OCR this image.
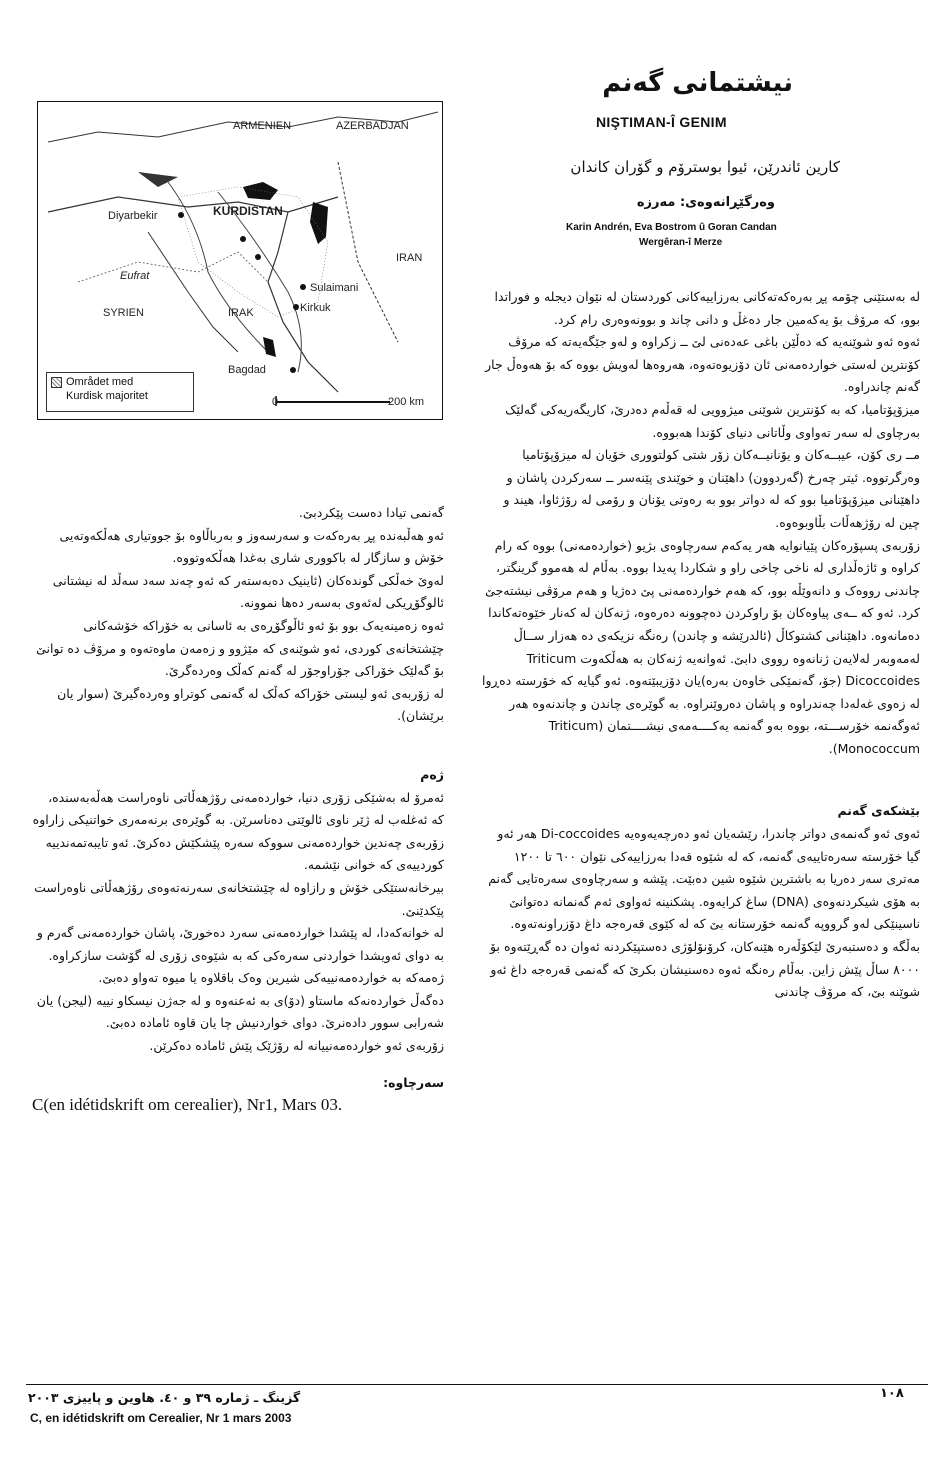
ARMENIEN	AZERBADJAN
KURDISTAN
Diyarbekir
IRAN
Eufrat
SYRIEN	IRAK
Sulaimani
Kirkuk
Bagdad
0	200 km
Området med
Kurdisk majoritet
نیشتمانی گه‌نم
NIŞTIMAN-Î GENIM
کارین ئاندرێن، ئیوا بوسترۆم و گۆران کاندان
وه‌رگێڕانه‌وه‌ی: مه‌رزه‌
Karin Andrén, Eva Bostrom û Goran Candan
Wergêran-î Merze

له‌ به‌ستێنی چۆمه‌ پڕ به‌ره‌که‌ته‌کانی به‌رزاییه‌کانی کوردستان له‌ نێوان دیجله‌ و فوراتدا بوو، که‌ مرۆڤ بۆ یه‌که‌مین جار ده‌غڵ و دانی چاند و بوونه‌وه‌ری رام کرد.

ئه‌وه‌ ئه‌و شوێنه‌یه‌ که‌ ده‌ڵێن باغی عه‌ده‌نی لێ ــ زکراوه‌ و له‌و جێگه‌یه‌ته‌ که‌ مرۆڤ کۆنترین له‌ستی خوارده‌مه‌نی ئان دۆزیوه‌ته‌وه‌، هه‌روه‌ها له‌ویش بووه‌ که‌ بۆ هه‌وه‌ڵ جار گه‌نم چاندراوه‌.

میزۆپۆتامیا، که‌ به‌ کۆنترین شوێنی میژوویی له‌ قه‌ڵه‌م ده‌درێ، کاریگه‌ریه‌کی گه‌لێک به‌رچاوی له‌ سه‌ر ته‌واوی وڵاتانی دنیای کۆندا هه‌بووه‌.

مــ ری کۆن، عیبــه‌کان و یۆنانیــه‌کان زۆر شتی کولتووری خۆیان له‌ میزۆپۆتامیا وه‌رگرتووه‌. ئیتر چه‌رخ (گه‌ردوون) داهێنان و خوێندی پێنه‌سر ــ سه‌رکردن پاشان و داهێنانی میزۆپۆتامیا بوو که‌ له‌ دواتر بوو به‌ ره‌وتی یۆنان و رۆمی له‌ رۆژئاوا، هیند و چین له‌ رۆژهه‌ڵات بڵاوبوه‌وه‌.

زۆربه‌ی پسپۆره‌کان پێیانوایه‌ هه‌ر یه‌که‌م سه‌رچاوه‌ی بژیو (خوارده‌مه‌نی) بووه‌ که‌ رام کراوه‌ و ئاژه‌ڵداری له‌ ناخی چاخی راو و شکاردا په‌یدا بووه‌. به‌ڵام له‌ هه‌موو گرینگتر، چاندنی رووه‌ک و دانه‌وێڵه‌ بوو، که‌ هه‌م خوارده‌مه‌نی پێ ده‌ژیا و هه‌م مرۆڤی نیشته‌جێ کرد. ئه‌و که‌ ــه‌ی پیاوه‌کان بۆ راوکردن ده‌چوونه‌ ده‌ره‌وه‌، ژنه‌کان له‌ که‌نار خێوه‌ته‌کاندا ده‌مانه‌وه‌. داهێنانی کشتوکاڵ (ئالدرێشه‌ و چاندن) ره‌نگه‌ نزیکه‌ی ده‌ هه‌زار ســاڵ له‌مه‌وبه‌ر له‌لایه‌ن ژنانه‌وه‌ رووی دابێ. ئه‌وانه‌یه‌ ژنه‌کان به‌ هه‌ڵکه‌وت Triticum Dicoccoides (جۆ، گه‌نمێکی خاوه‌ن به‌ره‌)یان دۆزیبێته‌وه‌. ئه‌و گیایه‌ که‌ خۆرسته‌ ده‌ڕوا له‌ زه‌وی غه‌له‌دا چه‌ندراوه‌ و پاشان ده‌روێنراوه‌. به‌ گوێره‌ی چاندن و چاندنه‌وه‌ هه‌ر ئه‌وگه‌نمه‌ خۆرســـته‌، بووه‌ به‌و گه‌نمه‌ یه‌کــــه‌مه‌ی نیشــــتمان (Triticum Monococcum).

بێشکه‌ی گه‌نم

ئه‌وی ئه‌و گه‌نمه‌ی دواتر چاندرا، رێشه‌یان ئه‌و ده‌رچه‌یه‌وه‌یه‌ Di-coccoides هه‌ر ئه‌و گیا خۆرسته‌ سه‌ره‌تاییه‌ی گه‌نمه‌، که‌ له‌ شێوه‌ قه‌دا به‌رزاییه‌کی نێوان ٦٠٠ تا ١٢٠٠ مه‌تری سه‌ر ده‌ریا به‌ باشترین شێوه‌ شین ده‌بێت. پێشه‌ و سه‌رچاوه‌ی سه‌ره‌تایی گه‌نم به‌ هۆی شیکردنه‌وه‌ی (DNA) ساغ کرایه‌وه‌. پشکنینه‌ ئه‌واوی ئه‌م گه‌نمانه‌ ده‌توانێ ناسینێکی له‌و گرووپه‌ گه‌نمه‌ خۆرستانه‌ بێ که‌ له‌ کێوی قه‌ره‌جه‌ داغ دۆزراونه‌ته‌وه‌. به‌ڵگه‌ و ده‌ستبه‌رێ لێکۆڵه‌ره‌ هێنه‌کان، کرۆنۆلۆژی ده‌ستپێکردنه‌ ئه‌وان ده‌ گه‌ڕێته‌وه‌ بۆ ٨٠٠٠ ساڵ پێش زاین. به‌ڵام ره‌نگه‌ ئه‌وه‌ ده‌سنیشان بکرێ که‌ گه‌نمی قه‌ره‌جه‌ داغ ئه‌و شوێنه‌ بێ، که‌ مرۆڤ چاندنی

گه‌نمی تیادا ده‌ست پێکردبێ.

ئه‌و هه‌ڵبه‌نده‌ پڕ به‌ره‌که‌ت و سه‌رسه‌وز و به‌رباڵاوه‌ بۆ جووتیاری هه‌ڵکه‌وته‌یی خۆش و سازگار له‌ باکووری شاری به‌غدا هه‌ڵکه‌وتووه‌.

له‌وێ خه‌ڵکی گونده‌کان (ئاینیک ده‌به‌سته‌ر که‌ ئه‌و چه‌ند سه‌د سه‌ڵد له‌ نیشتانی ئالوگۆڕیکی له‌ئه‌وی به‌سه‌ر ده‌ها نموونه‌.

ئه‌وه‌ زه‌مینه‌یه‌ک بوو بۆ ئه‌و ئاڵوگۆڕه‌ی به‌ ئاسانی به‌ خۆراکه‌ خۆشه‌کانی چێشتخانه‌ی کوردی، ئه‌و شوێنه‌ی که‌ مێژوو و زه‌مه‌ن ماوه‌ته‌وه‌ و مرۆڤ ده‌ توانێ بۆ گه‌لێک خۆراکی جۆراوجۆر له‌ گه‌نم که‌ڵک وه‌رده‌گرێ.

له‌ زۆربه‌ی ئه‌و لیستی خۆراکه‌ که‌ڵک له‌ گه‌نمی کوتراو وه‌رده‌گیرێ (سوار یان برێشان).

ژه‌م

ئه‌مرۆ له‌ به‌شێکی زۆری دنیا، خوارده‌مه‌نی رۆژهه‌ڵاتی ناوه‌راست هه‌ڵه‌به‌سنده‌، که‌ ئه‌غله‌ب له‌ ژێر ناوی ئالوێتی ده‌ناسرێن. به‌ گوێره‌ی برنه‌مه‌ری خواتنیکی زاراوه‌ زۆربه‌ی چه‌ندین خوارده‌مه‌نی سووکه‌ سه‌ره‌ پێشکێش ده‌کرێ. ئه‌و تایبه‌تمه‌ندییه‌ کوردییه‌ی که‌ خوانی نێشمه‌.

بیرخانه‌ستێکی خۆش و رازاوه‌ له‌ چێشتخانه‌ی سه‌رنه‌ته‌وه‌ی رۆژهه‌ڵاتی ناوه‌راست پێکدێنێ.

له‌ خوانه‌که‌دا، له‌ پێشدا خوارده‌مه‌نی سه‌رد ده‌خورێ، پاشان خوارده‌مه‌نی گه‌رم و به‌ دوای ئه‌ویشدا خواردنی سه‌ره‌کی که‌ به‌ شێوه‌ی زۆری له‌ گۆشت سازکراوه‌. ژه‌مه‌که‌ به‌ خوارده‌مه‌نییه‌کی شیرین وه‌ک باقلاوه‌ یا میوه‌ ته‌واو ده‌بێ.

ده‌گه‌ڵ خوارده‌نه‌که‌ ماستاو (دۆ)ی به‌ ئه‌عنه‌وه‌ و له‌ جه‌ژن نیسکاو نییه‌ (لیجن) یان شه‌رابی سوور داده‌نرێ. دوای خواردنیش چا یان قاوه‌ ئاماده‌ ده‌بێ.

زۆربه‌ی ئه‌و خوارده‌مه‌نییانه‌ له‌ رۆژێک پێش ئاماده‌ ده‌کرێن.

سه‌رچاوه‌:

C(en idétidskrift om cerealier), Nr1, Mars 03.

گزینگ ـ ژماره‌ ٣٩ و ٤٠. هاوین و پاییزی ٢٠٠٣	١٠٨
C, en idétidskrift om Cerealier, Nr 1 mars 2003
